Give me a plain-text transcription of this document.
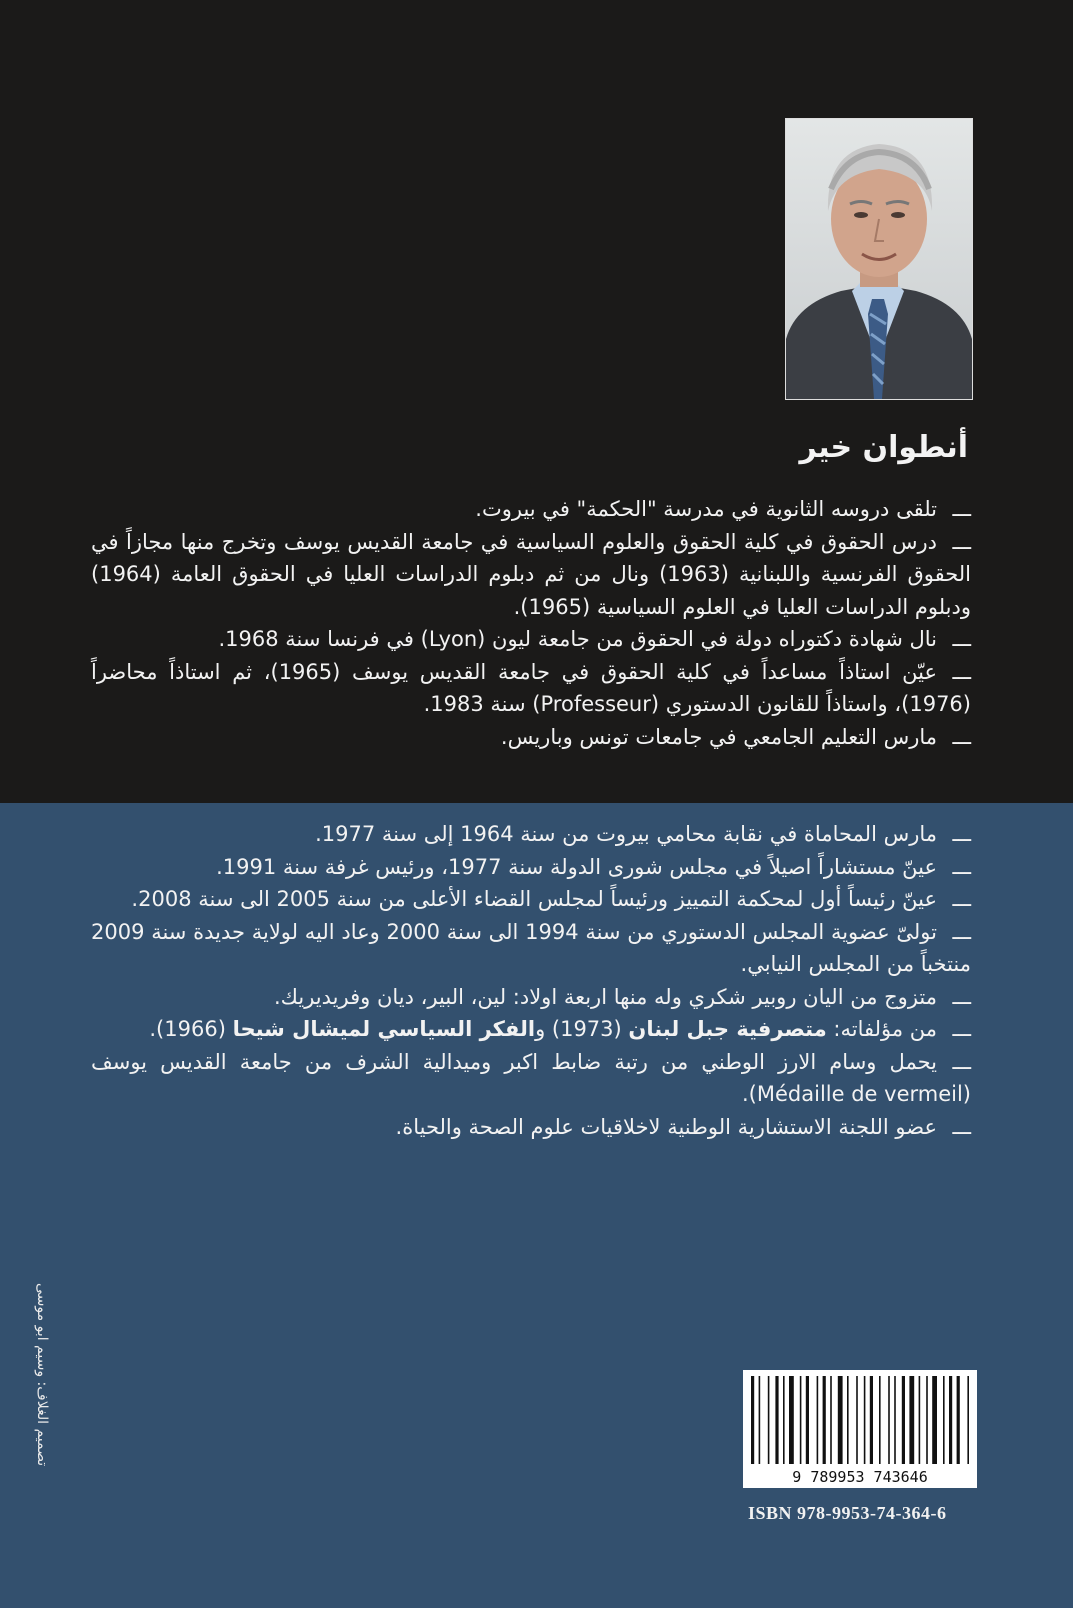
أنطوان خير

ـــتلقى دروسه الثانوية في مدرسة "الحكمة" في بيروت.

ـــدرس الحقوق في كلية الحقوق والعلوم السياسية في جامعة القديس يوسف وتخرج منها مجازاً في الحقوق الفرنسية واللبنانية (1963) ونال من ثم دبلوم الدراسات العليا في الحقوق العامة (1964) ودبلوم الدراسات العليا في العلوم السياسية (1965).

ـــنال شهادة دكتوراه دولة في الحقوق من جامعة ليون (Lyon) في فرنسا سنة 1968.

ـــعيّن استاذاً مساعداً في كلية الحقوق في جامعة القديس يوسف (1965)، ثم استاذاً محاضراً (1976)، واستاذاً للقانون الدستوري (Professeur) سنة 1983.

ـــمارس التعليم الجامعي في جامعات تونس وباريس.

ـــمارس المحاماة في نقابة محامي بيروت من سنة 1964 إلى سنة 1977.

ـــعينّ مستشاراً اصيلاً في مجلس شورى الدولة سنة 1977، ورئيس غرفة سنة 1991.

ـــعينّ رئيساً أول لمحكمة التمييز ورئيساً لمجلس القضاء الأعلى من سنة 2005 الى سنة 2008.

ـــتولىّ عضوية المجلس الدستوري من سنة 1994 الى سنة 2000 وعاد اليه لولاية جديدة سنة 2009 منتخباً من المجلس النيابي.

ـــمتزوج من اليان روبير شكري وله منها اربعة اولاد: لين، البير، ديان وفريديريك.

ـــمن مؤلفاته: متصرفية جبل لبنان (1973) والفكر السياسي لميشال شيحا (1966).

ـــيحمل وسام الارز الوطني من رتبة ضابط اكبر وميدالية الشرف من جامعة القديس يوسف (Médaille de vermeil).

ـــعضو اللجنة الاستشارية الوطنية لاخلاقيات علوم الصحة والحياة.

9 789953 743646
ISBN 978-9953-74-364-6
تصميم الغلاف: وسيم ابو موسى
